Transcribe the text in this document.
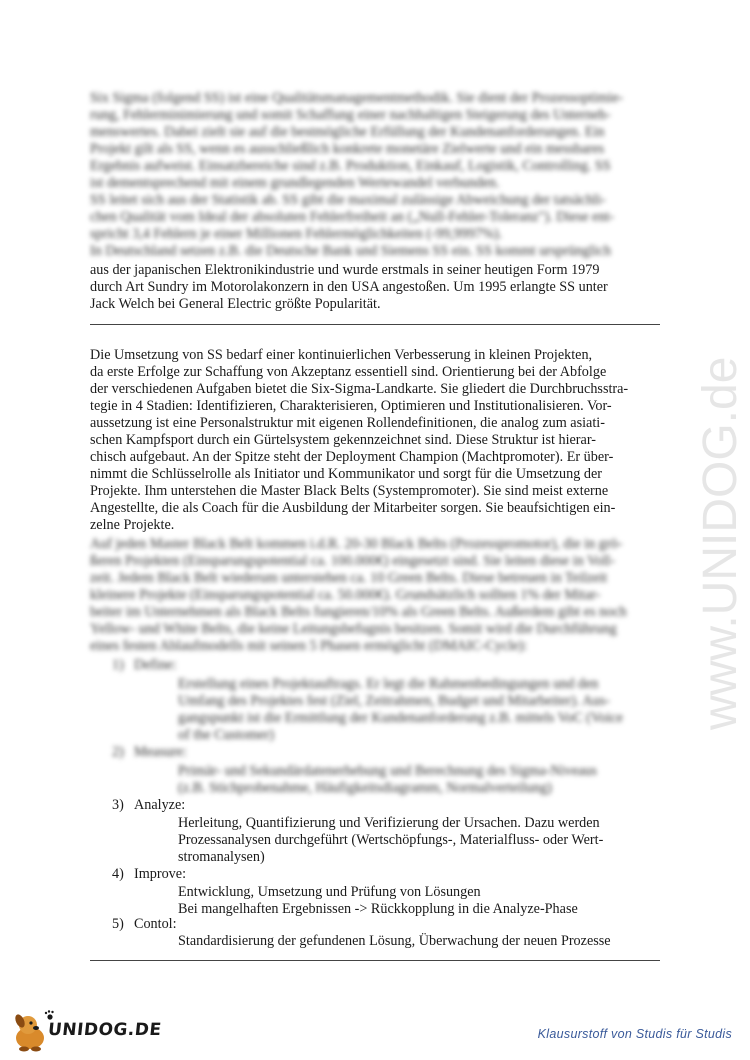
Six Sigma (folgend SS) ist eine Qualitätsmanagementmethodik. Sie dient der Prozessoptimie-
rung, Fehlerminimierung und somit Schaffung einer nachhaltigen Steigerung des Unterneh-
menswertes. Dabei zielt sie auf die bestmögliche Erfüllung der Kundenanforderungen. Ein
Projekt gilt als SS, wenn es ausschließlich konkrete monetäre Zielwerte und ein messbares
Ergebnis aufweist. Einsatzbereiche sind z.B. Produktion, Einkauf, Logistik, Controlling. SS
ist dementsprechend mit einem grundlegenden Wertewandel verbunden.
SS leitet sich aus der Statistik ab. SS gibt die maximal zulässige Abweichung der tatsächli-
chen Qualität vom Ideal der absoluten Fehlerfreiheit an („Null-Fehler-Toleranz"). Diese ent-
spricht 3,4 Fehlern je einer Millionen Fehlermöglichkeiten (-99,9997%).
In Deutschland setzen z.B. die Deutsche Bank und Siemens SS ein. SS kommt ursprünglich
aus der japanischen Elektronikindustrie und wurde erstmals in seiner heutigen Form 1979
durch Art Sundry im Motorolakonzern in den USA angestoßen. Um 1995 erlangte SS unter
Jack Welch bei General Electric größte Popularität.
Die Umsetzung von SS bedarf einer kontinuierlichen Verbesserung in kleinen Projekten,
da erste Erfolge zur Schaffung von Akzeptanz essentiell sind. Orientierung bei der Abfolge
der verschiedenen Aufgaben bietet die Six-Sigma-Landkarte. Sie gliedert die Durchbruchsstra-
tegie in 4 Stadien: Identifizieren, Charakterisieren, Optimieren und Institutionalisieren. Vor-
aussetzung ist eine Personalstruktur mit eigenen Rollendefinitionen, die analog zum asiati-
schen Kampfsport durch ein Gürtelsystem gekennzeichnet sind. Diese Struktur ist hierar-
chisch aufgebaut. An der Spitze steht der Deployment Champion (Machtpromoter). Er über-
nimmt die Schlüsselrolle als Initiator und Kommunikator und sorgt für die Umsetzung der
Projekte. Ihm unterstehen die Master Black Belts (Systempromoter). Sie sind meist externe
Angestellte, die als Coach für die Ausbildung der Mitarbeiter sorgen. Sie beaufsichtigen ein-
zelne Projekte.
Auf jeden Master Black Belt kommen i.d.R. 20-30 Black Belts (Prozesspromotor), die in grö-
ßeren Projekten (Einsparungspotential ca. 100.000€) eingesetzt sind. Sie leiten diese in Voll-
zeit. Jedem Black Belt wiederum unterstehen ca. 10 Green Belts. Diese betreuen in Teilzeit
kleinere Projekte (Einsparungspotential ca. 50.000€). Grundsätzlich sollten 1% der Mitar-
beiter im Unternehmen als Black Belts fungieren/10% als Green Belts. Außerdem gibt es noch
Yellow- und White Belts, die keine Leitungsbefugnis besitzen. Somit wird die Durchführung
eines festen Ablaufmodells mit seinen 5 Phasen ermöglicht (DMAIC-Cycle):
1) Define:
Erstellung eines Projektauftrags. Er legt die Rahmenbedingungen und den
Umfang des Projektes fest (Ziel, Zeitrahmen, Budget und Mitarbeiter). Aus-
gangspunkt ist die Ermittlung der Kundenanforderung z.B. mittels VoC (Voice
of the Customer)
2) Measure:
Primär- und Sekundärdatenerhebung und Berechnung des Sigma-Niveaus
(z.B. Stichprobenahme, Häufigkeitsdiagramm, Normalverteilung)
3) Analyze:
Herleitung, Quantifizierung und Verifizierung der Ursachen. Dazu werden
Prozessanalysen durchgeführt (Wertschöpfungs-, Materialfluss- oder Wert-
stromanalysen)
4) Improve:
Entwicklung, Umsetzung und Prüfung von Lösungen
Bei mangelhaften Ergebnissen -> Rückkopplung in die Analyze-Phase
5) Contol:
Standardisierung der gefundenen Lösung, Überwachung der neuen Prozesse
www.UNIDOG.de
UNIDOG.DE	Klausurstoff von Studis für Studis
